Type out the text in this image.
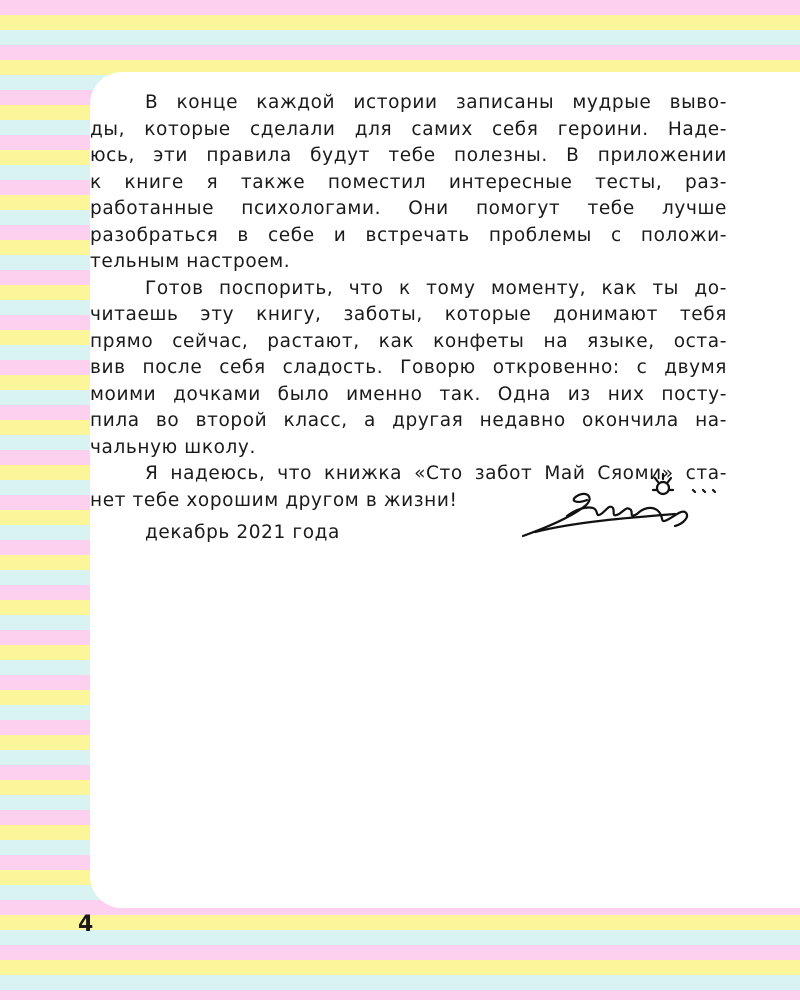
В конце каждой истории записаны мудрые выво-
ды, которые сделали для самих себя героини. Наде-
юсь, эти правила будут тебе полезны. В приложении
к книге я также поместил интересные тесты, раз-
работанные психологами. Они помогут тебе лучше
разобраться в себе и встречать проблемы с положи-
тельным настроем.

Готов поспорить, что к тому моменту, как ты до-
читаешь эту книгу, заботы, которые донимают тебя
прямо сейчас, растают, как конфеты на языке, оста-
вив после себя сладость. Говорю откровенно: с двумя
моими дочками было именно так. Одна из них посту-
пила во второй класс, а другая недавно окончила на-
чальную школу.

Я надеюсь, что книжка «Сто забот Май Сяоми» ста-
нет тебе хорошим другом в жизни!

декабрь 2021 года
4
